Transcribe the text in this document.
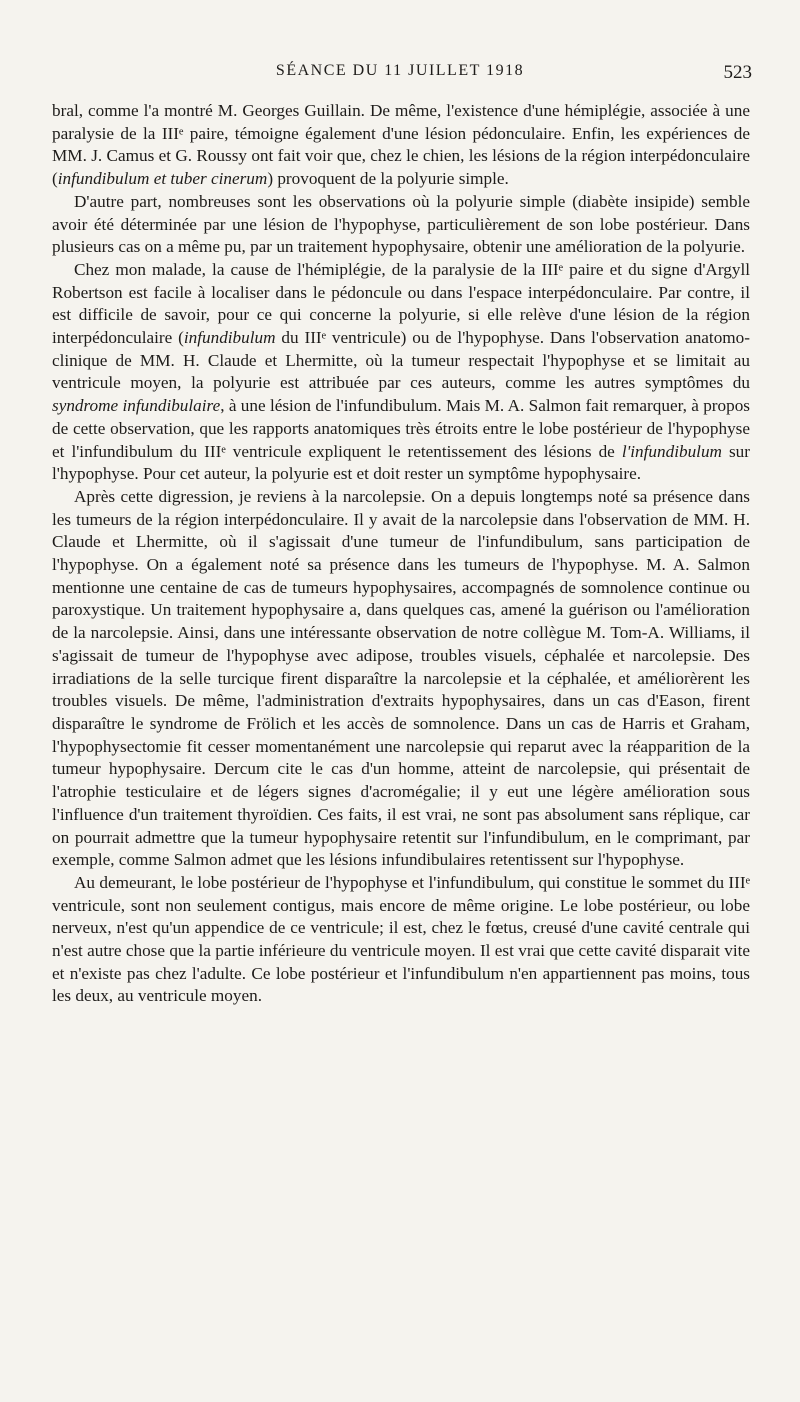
SÉANCE DU 11 JUILLET 1918	523

bral, comme l'a montré M. Georges Guillain. De même, l'existence d'une hémiplégie, associée à une paralysie de la IIIᵉ paire, témoigne également d'une lésion pédonculaire. Enfin, les expériences de MM. J. Camus et G. Roussy ont fait voir que, chez le chien, les lésions de la région interpédonculaire (infundibulum et tuber cinerum) provoquent de la polyurie simple.

D'autre part, nombreuses sont les observations où la polyurie simple (diabète insipide) semble avoir été déterminée par une lésion de l'hypophyse, particulièrement de son lobe postérieur. Dans plusieurs cas on a même pu, par un traitement hypophysaire, obtenir une amélioration de la polyurie.

Chez mon malade, la cause de l'hémiplégie, de la paralysie de la IIIᵉ paire et du signe d'Argyll Robertson est facile à localiser dans le pédoncule ou dans l'espace interpédonculaire. Par contre, il est difficile de savoir, pour ce qui concerne la polyurie, si elle relève d'une lésion de la région interpédonculaire (infundibulum du IIIᵉ ventricule) ou de l'hypophyse. Dans l'observation anatomo-clinique de MM. H. Claude et Lhermitte, où la tumeur respectait l'hypophyse et se limitait au ventricule moyen, la polyurie est attribuée par ces auteurs, comme les autres symptômes du syndrome infundibulaire, à une lésion de l'infundibulum. Mais M. A. Salmon fait remarquer, à propos de cette observation, que les rapports anatomiques très étroits entre le lobe postérieur de l'hypophyse et l'infundibulum du IIIᵉ ventricule expliquent le retentissement des lésions de l'infundibulum sur l'hypophyse. Pour cet auteur, la polyurie est et doit rester un symptôme hypophysaire.

Après cette digression, je reviens à la narcolepsie. On a depuis longtemps noté sa présence dans les tumeurs de la région interpédonculaire. Il y avait de la narcolepsie dans l'observation de MM. H. Claude et Lhermitte, où il s'agissait d'une tumeur de l'infundibulum, sans participation de l'hypophyse. On a également noté sa présence dans les tumeurs de l'hypophyse. M. A. Salmon mentionne une centaine de cas de tumeurs hypophysaires, accompagnés de somnolence continue ou paroxystique. Un traitement hypophysaire a, dans quelques cas, amené la guérison ou l'amélioration de la narcolepsie. Ainsi, dans une intéressante observation de notre collègue M. Tom-A. Williams, il s'agissait de tumeur de l'hypophyse avec adipose, troubles visuels, céphalée et narcolepsie. Des irradiations de la selle turcique firent disparaître la narcolepsie et la céphalée, et améliorèrent les troubles visuels. De même, l'administration d'extraits hypophysaires, dans un cas d'Eason, firent disparaître le syndrome de Frölich et les accès de somnolence. Dans un cas de Harris et Graham, l'hypophysectomie fit cesser momentanément une narcolepsie qui reparut avec la réapparition de la tumeur hypophysaire. Dercum cite le cas d'un homme, atteint de narcolepsie, qui présentait de l'atrophie testiculaire et de légers signes d'acromégalie; il y eut une légère amélioration sous l'influence d'un traitement thyroïdien. Ces faits, il est vrai, ne sont pas absolument sans réplique, car on pourrait admettre que la tumeur hypophysaire retentit sur l'infundibulum, en le comprimant, par exemple, comme Salmon admet que les lésions infundibulaires retentissent sur l'hypophyse.

Au demeurant, le lobe postérieur de l'hypophyse et l'infundibulum, qui constitue le sommet du IIIᵉ ventricule, sont non seulement contigus, mais encore de même origine. Le lobe postérieur, ou lobe nerveux, n'est qu'un appendice de ce ventricule; il est, chez le fœtus, creusé d'une cavité centrale qui n'est autre chose que la partie inférieure du ventricule moyen. Il est vrai que cette cavité disparait vite et n'existe pas chez l'adulte. Ce lobe postérieur et l'infundibulum n'en appartiennent pas moins, tous les deux, au ventricule moyen.
